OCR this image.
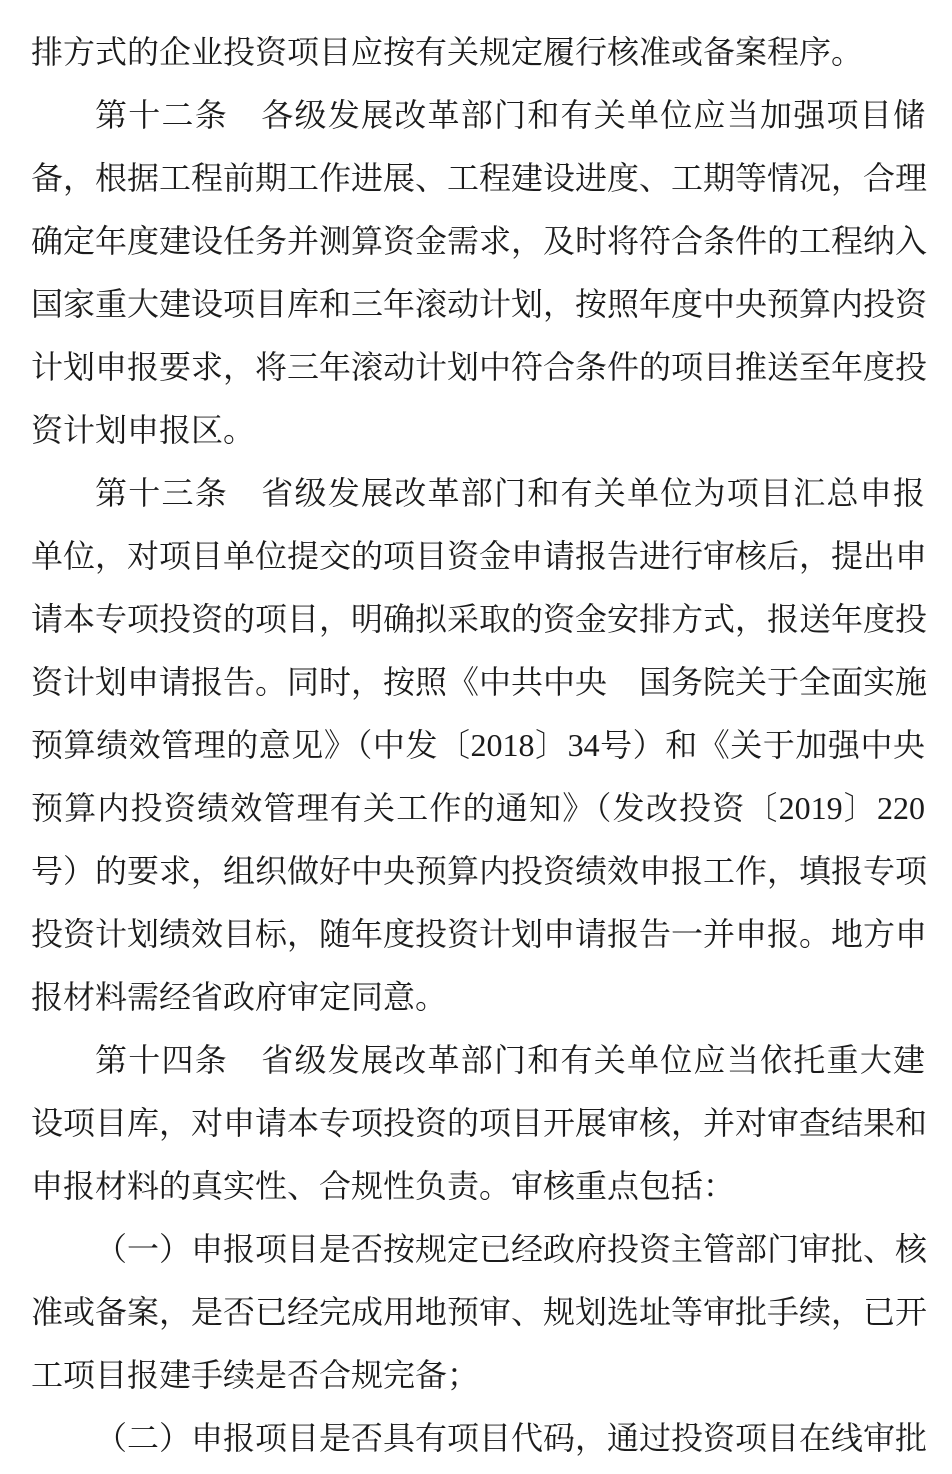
排方式的企业投资项目应按有关规定履行核准或备案程序。
第十二条　各级发展改革部门和有关单位应当加强项目储
备，根据工程前期工作进展、工程建设进度、工期等情况，合理
确定年度建设任务并测算资金需求，及时将符合条件的工程纳入
国家重大建设项目库和三年滚动计划，按照年度中央预算内投资
计划申报要求，将三年滚动计划中符合条件的项目推送至年度投
资计划申报区。
第十三条　省级发展改革部门和有关单位为项目汇总申报
单位，对项目单位提交的项目资金申请报告进行审核后，提出申
请本专项投资的项目，明确拟采取的资金安排方式，报送年度投
资计划申请报告。同时，按照《中共中央　国务院关于全面实施
预算绩效管理的意见》（中发〔2018〕34号）和《关于加强中央
预算内投资绩效管理有关工作的通知》（发改投资〔2019〕220
号）的要求，组织做好中央预算内投资绩效申报工作，填报专项
投资计划绩效目标，随年度投资计划申请报告一并申报。地方申
报材料需经省政府审定同意。
第十四条　省级发展改革部门和有关单位应当依托重大建
设项目库，对申请本专项投资的项目开展审核，并对审查结果和
申报材料的真实性、合规性负责。审核重点包括：
（一）申报项目是否按规定已经政府投资主管部门审批、核
准或备案，是否已经完成用地预审、规划选址等审批手续，已开
工项目报建手续是否合规完备；
（二）申报项目是否具有项目代码，通过投资项目在线审批
